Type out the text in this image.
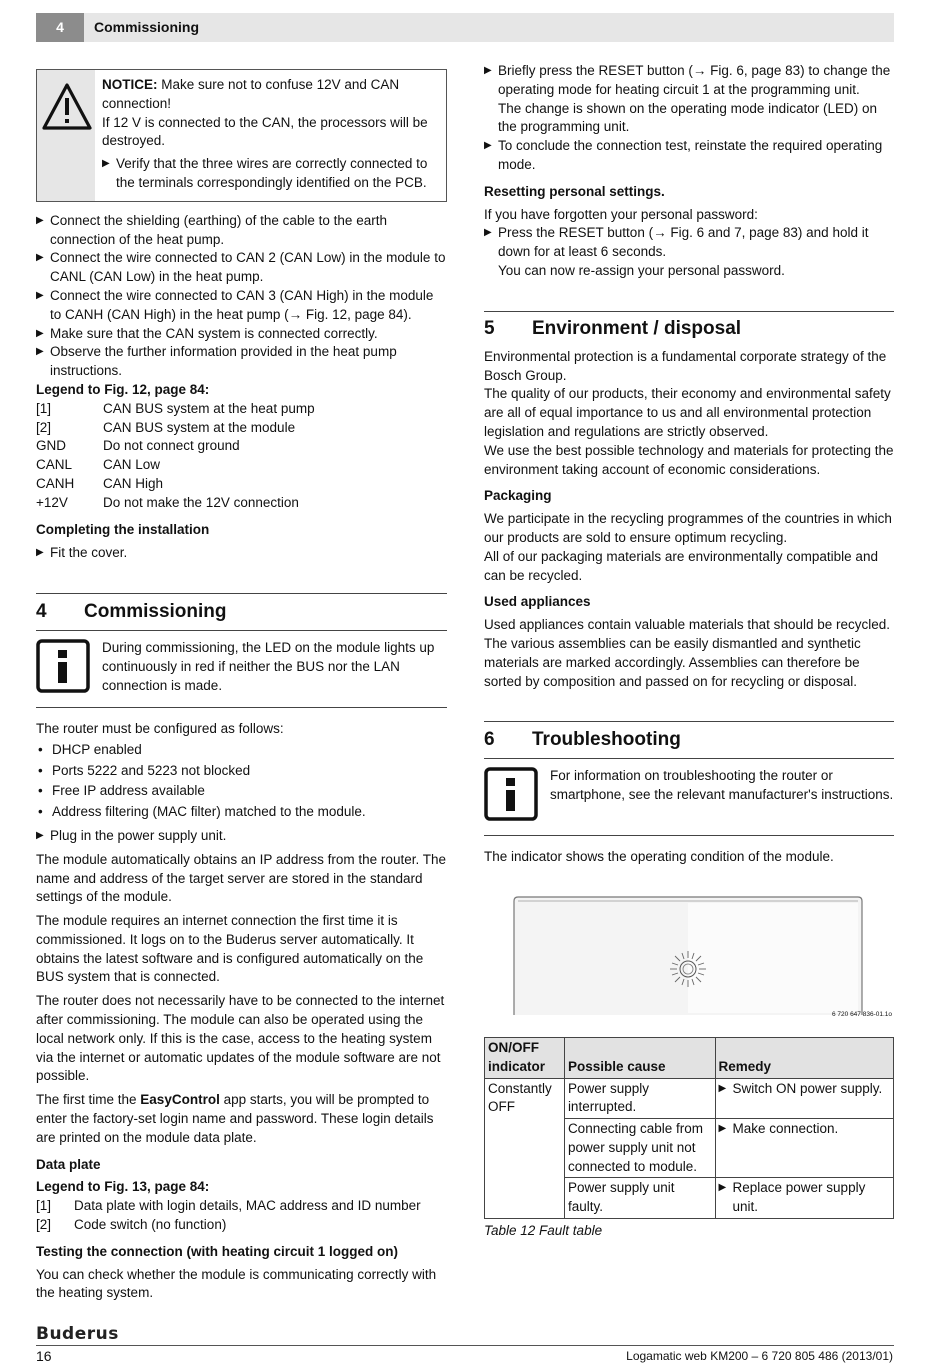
4	Commissioning

NOTICE: Make sure not to confuse 12V and CAN connection!

If 12 V is connected to the CAN, the processors will be destroyed.

▶ Verify that the three wires are correctly connected to the terminals correspondingly identified on the PCB.
▶ Connect the shielding (earthing) of the cable to the earth connection of the heat pump.
▶ Connect the wire connected to CAN 2 (CAN Low) in the module to CANL (CAN Low) in the heat pump.
▶ Connect the wire connected to CAN 3 (CAN High) in the module to CANH (CAN High) in the heat pump (→ Fig. 12, page 84).
▶ Make sure that the CAN system is connected correctly.
▶ Observe the further information provided in the heat pump instructions.

Legend to Fig. 12, page 84:

[1]	CAN BUS system at the heat pump
[2]	CAN BUS system at the module
GND	Do not connect ground
CANL	CAN Low
CANH	CAN High
+12V	Do not make the 12V connection

Completing the installation

▶ Fit the cover.
4	Commissioning

During commissioning, the LED on the module lights up continuously in red if neither the BUS nor the LAN connection is made.

The router must be configured as follows:

• DHCP enabled
• Ports 5222 and 5223 not blocked
• Free IP address available
• Address filtering (MAC filter) matched to the module.
▶ Plug in the power supply unit.

The module automatically obtains an IP address from the router. The name and address of the target server are stored in the standard settings of the module.

The module requires an internet connection the first time it is commissioned. It logs on to the Buderus server automatically. It obtains the latest software and is configured automatically on the BUS system that is connected.

The router does not necessarily have to be connected to the internet after commissioning. The module can also be operated using the local network only. If this is the case, access to the heating system via the internet or automatic updates of the module software are not possible.

The first time the EasyControl app starts, you will be prompted to enter the factory-set login name and password. These login details are printed on the module data plate.

Data plate

Legend to Fig. 13, page 84:

[1]	Data plate with login details, MAC address and ID number
[2]	Code switch (no function)

Testing the connection (with heating circuit 1 logged on)

You can check whether the module is communicating correctly with the heating system.

▶ Briefly press the RESET button (→ Fig. 6, page 83) to change the operating mode for heating circuit 1 at the programming unit.
The change is shown on the operating mode indicator (LED) on the programming unit.
▶ To conclude the connection test, reinstate the required operating mode.

Resetting personal settings.

If you have forgotten your personal password:

▶ Press the RESET button (→ Fig. 6 and 7, page 83) and hold it down for at least 6 seconds.
You can now re-assign your personal password.
5	Environment / disposal

Environmental protection is a fundamental corporate strategy of the Bosch Group.

The quality of our products, their economy and environmental safety are all of equal importance to us and all environmental protection legislation and regulations are strictly observed.

We use the best possible technology and materials for protecting the environment taking account of economic considerations.

Packaging

We participate in the recycling programmes of the countries in which our products are sold to ensure optimum recycling.

All of our packaging materials are environmentally compatible and can be recycled.

Used appliances

Used appliances contain valuable materials that should be recycled. The various assemblies can be easily dismantled and synthetic materials are marked accordingly. Assemblies can therefore be sorted by composition and passed on for recycling or disposal.

6	Troubleshooting

For information on troubleshooting the router or smartphone, see the relevant manufacturer's instructions.

The indicator shows the operating condition of the module.

6 720 647 836-01.1o
ON/OFF indicator	Possible cause	Remedy
Constantly OFF	Power supply interrupted.	▶ Switch ON power supply.

	Connecting cable from power supply unit not connected to module.	▶ Make connection.

	Power supply unit faulty.	▶ Replace power supply unit.

Table 12 Fault table

Buderus
16	Logamatic web KM200 – 6 720 805 486 (2013/01)
